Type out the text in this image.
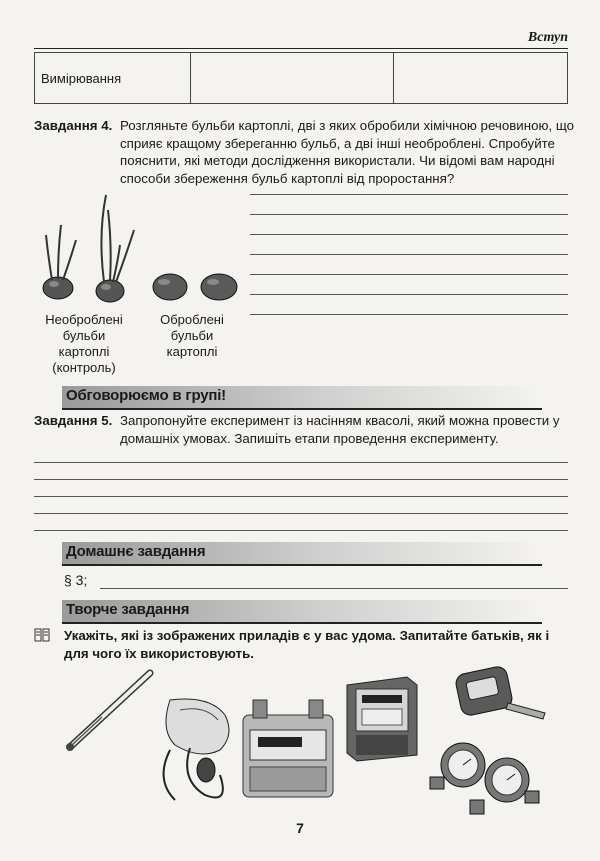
Вступ
Вимірювання		
Завдання 4. Розгляньте бульби картоплі, дві з яких обробили хімічною речовиною, що сприяє кращому збереганню бульб, а дві інші необроблені. Спробуйте пояснити, які методи дослідження використали. Чи відомі вам народні способи збереження бульб картоплі від проростання?
Необроблені
бульби
картоплі
(контроль)
Оброблені
бульби
картоплі
Обговорюємо в групі!
Завдання 5. Запропонуйте експеримент із насінням квасолі, який можна провести у домашніх умовах. Запишіть етапи проведення експерименту.
Домашнє завдання
§ 3;
Творче завдання
Укажіть, які із зображених приладів є у вас удома. Запитайте батьків, як і для чого їх використовують.
7
